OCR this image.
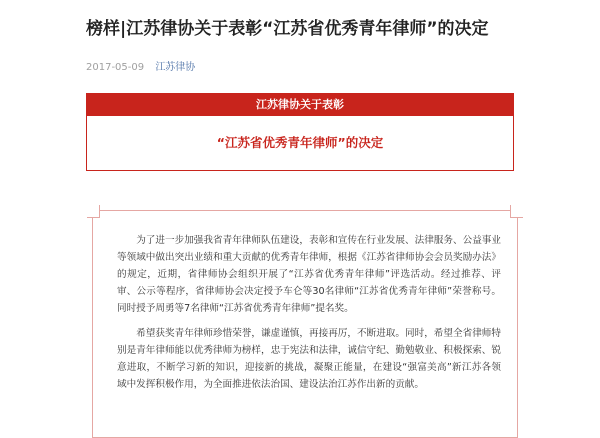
榜样|江苏律协关于表彰“江苏省优秀青年律师”的决定
2017-05-09 江苏律协
江苏律协关于表彰
“江苏省优秀青年律师”的决定
为了进一步加强我省青年律师队伍建设，表彰和宣传在行业发展、法律服务、公益事业等领域中做出突出业绩和重大贡献的优秀青年律师，根据《江苏省律师协会会员奖励办法》的规定，近期，省律师协会组织开展了“江苏省优秀青年律师”评选活动。经过推荐、评审、公示等程序，省律师协会决定授予车仑等30名律师“江苏省优秀青年律师”荣誉称号。同时授予周勇等7名律师“江苏省优秀青年律师”提名奖。
希望获奖青年律师珍惜荣誉，谦虚谨慎，再接再厉，不断进取。同时，希望全省律师特别是青年律师能以优秀律师为榜样，忠于宪法和法律，诚信守纪、勤勉敬业、积极探索、锐意进取，不断学习新的知识，迎接新的挑战，凝聚正能量，在建设“强富美高”新江苏各领域中发挥积极作用，为全面推进依法治国、建设法治江苏作出新的贡献。
